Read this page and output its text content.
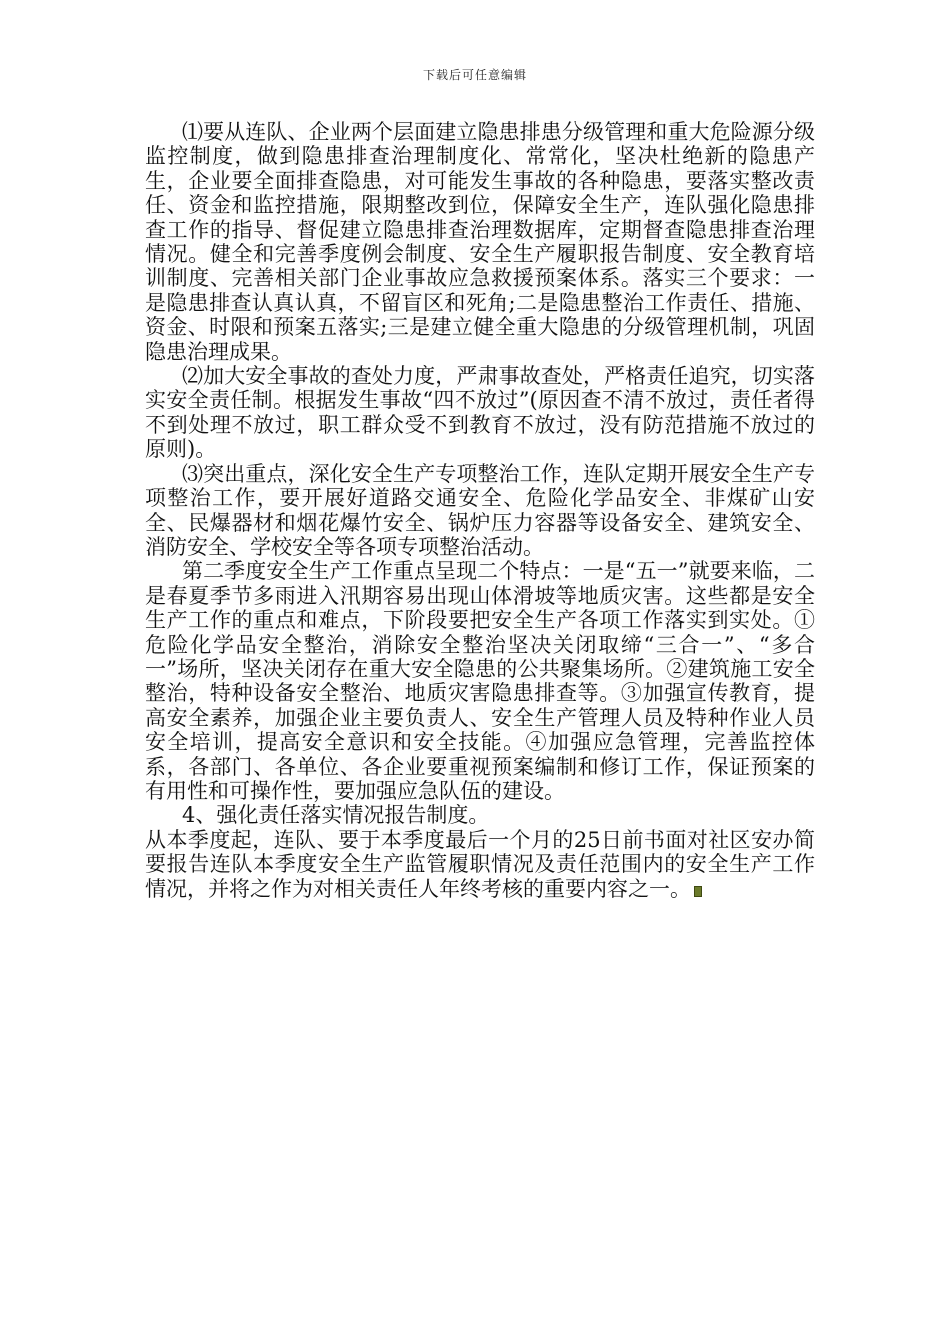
下载后可任意编辑

⑴要从连队、企业两个层面建立隐患排患分级管理和重大危险源分级监控制度，做到隐患排查治理制度化、常常化，坚决杜绝新的隐患产生，企业要全面排查隐患，对可能发生事故的各种隐患，要落实整改责任、资金和监控措施，限期整改到位，保障安全生产，连队强化隐患排查工作的指导、督促建立隐患排查治理数据库，定期督查隐患排查治理情况。健全和完善季度例会制度、安全生产履职报告制度、安全教育培训制度、完善相关部门企业事故应急救援预案体系。落实三个要求：一是隐患排查认真认真，不留盲区和死角;二是隐患整治工作责任、措施、资金、时限和预案五落实;三是建立健全重大隐患的分级管理机制，巩固隐患治理成果。

⑵加大安全事故的查处力度，严肃事故查处，严格责任追究，切实落实安全责任制。根据发生事故“四不放过”(原因查不清不放过，责任者得不到处理不放过，职工群众受不到教育不放过，没有防范措施不放过的原则)。

⑶突出重点，深化安全生产专项整治工作，连队定期开展安全生产专项整治工作，要开展好道路交通安全、危险化学品安全、非煤矿山安全、民爆器材和烟花爆竹安全、锅炉压力容器等设备安全、建筑安全、消防安全、学校安全等各项专项整治活动。

第二季度安全生产工作重点呈现二个特点：一是“五一”就要来临，二是春夏季节多雨进入汛期容易出现山体滑坡等地质灾害。这些都是安全生产工作的重点和难点，下阶段要把安全生产各项工作落实到实处。①危险化学品安全整治，消除安全整治坚决关闭取缔“三合一”、“多合一”场所，坚决关闭存在重大安全隐患的公共聚集场所。②建筑施工安全整治，特种设备安全整治、地质灾害隐患排查等。③加强宣传教育，提高安全素养，加强企业主要负责人、安全生产管理人员及特种作业人员安全培训，提高安全意识和安全技能。④加强应急管理，完善监控体系，各部门、各单位、各企业要重视预案编制和修订工作，保证预案的有用性和可操作性，要加强应急队伍的建设。

4、强化责任落实情况报告制度。

从本季度起，连队、要于本季度最后一个月的25日前书面对社区安办简要报告连队本季度安全生产监管履职情况及责任范围内的安全生产工作情况，并将之作为对相关责任人年终考核的重要内容之一。
